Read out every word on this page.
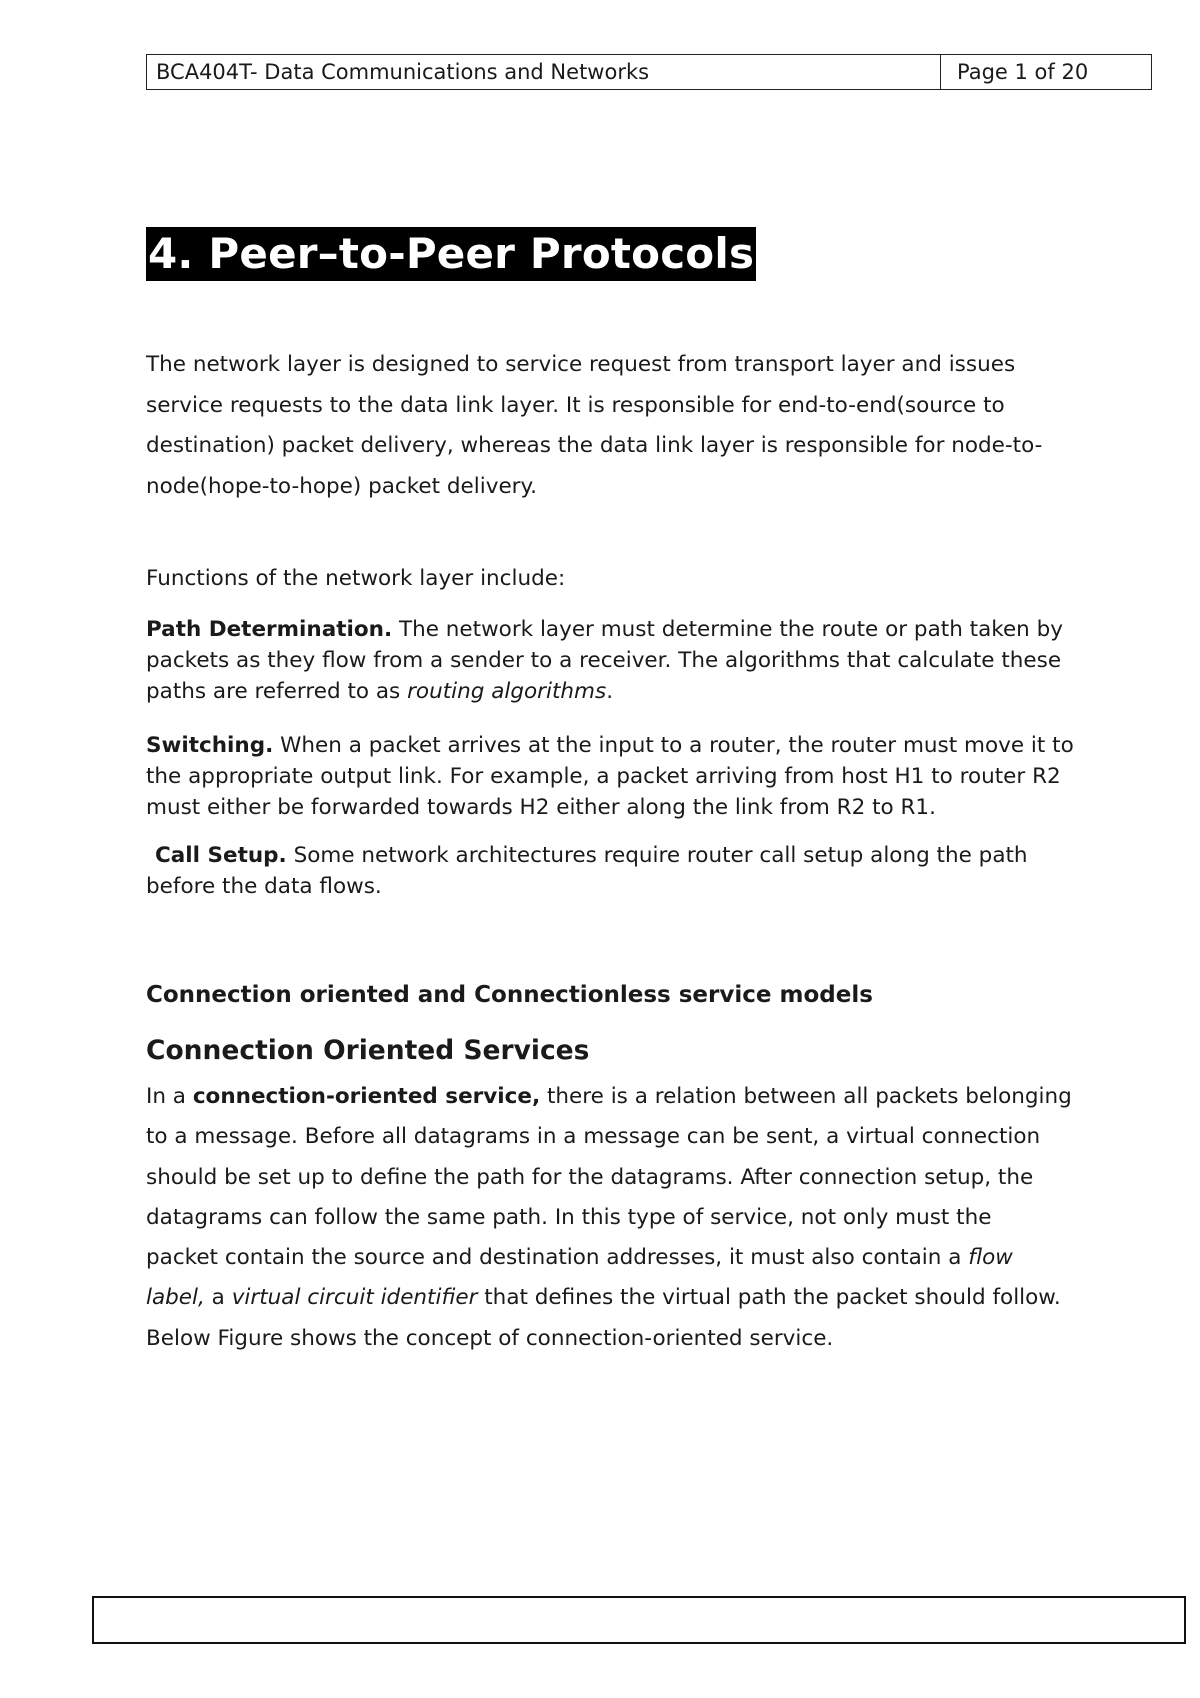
BCA404T- Data Communications and Networks	Page 1 of 20
4. Peer–to-Peer Protocols
The network layer is designed to service request from transport layer and issues
service requests to the data link layer. It is responsible for end-to-end(source to
destination) packet delivery, whereas the data link layer is responsible for node-to-
node(hope-to-hope) packet delivery.
Functions of the network layer include:
Path Determination. The network layer must determine the route or path taken by
packets as they flow from a sender to a receiver. The algorithms that calculate these
paths are referred to as routing algorithms.
Switching. When a packet arrives at the input to a router, the router must move it to
the appropriate output link. For example, a packet arriving from host H1 to router R2
must either be forwarded towards H2 either along the link from R2 to R1.
Call Setup. Some network architectures require router call setup along the path
before the data flows.
Connection oriented and Connectionless service models
Connection Oriented Services
In a connection-oriented service, there is a relation between all packets belonging
to a message. Before all datagrams in a message can be sent, a virtual connection
should be set up to define the path for the datagrams. After connection setup, the
datagrams can follow the same path. In this type of service, not only must the
packet contain the source and destination addresses, it must also contain a flow
label, a virtual circuit identifier that defines the virtual path the packet should follow.
Below Figure shows the concept of connection-oriented service.
